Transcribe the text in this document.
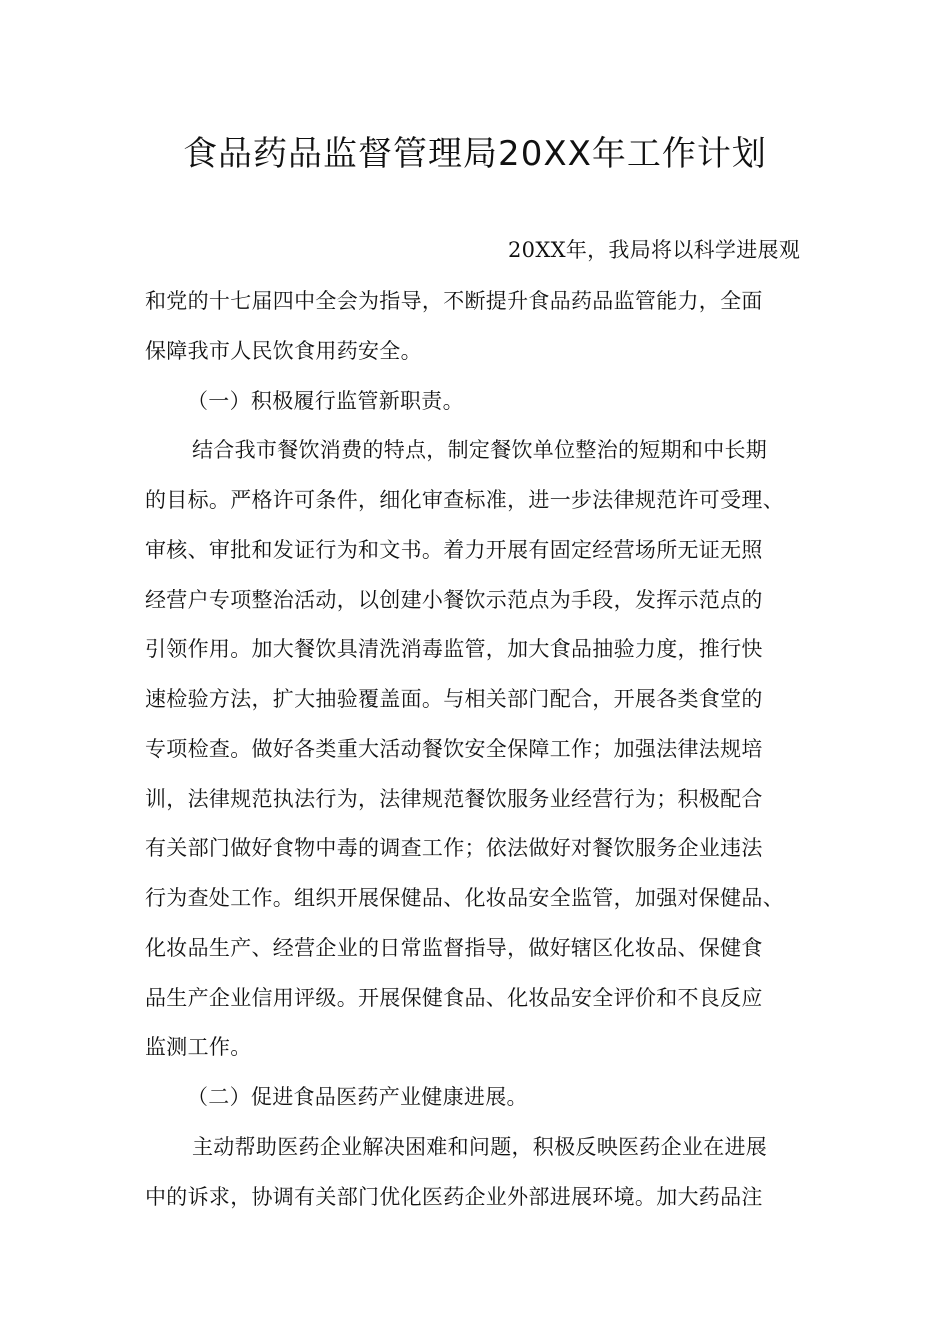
食品药品监督管理局20XX年工作计划
20XX年，我局将以科学进展观
和党的十七届四中全会为指导，不断提升食品药品监管能力，全面
保障我市人民饮食用药安全。
（一）积极履行监管新职责。
结合我市餐饮消费的特点，制定餐饮单位整治的短期和中长期
的目标。严格许可条件，细化审查标准，进一步法律规范许可受理、
审核、审批和发证行为和文书。着力开展有固定经营场所无证无照
经营户专项整治活动，以创建小餐饮示范点为手段，发挥示范点的
引领作用。加大餐饮具清洗消毒监管，加大食品抽验力度，推行快
速检验方法，扩大抽验覆盖面。与相关部门配合，开展各类食堂的
专项检查。做好各类重大活动餐饮安全保障工作；加强法律法规培
训，法律规范执法行为，法律规范餐饮服务业经营行为；积极配合
有关部门做好食物中毒的调查工作；依法做好对餐饮服务企业违法
行为查处工作。组织开展保健品、化妆品安全监管，加强对保健品、
化妆品生产、经营企业的日常监督指导，做好辖区化妆品、保健食
品生产企业信用评级。开展保健食品、化妆品安全评价和不良反应
监测工作。
（二）促进食品医药产业健康进展。
主动帮助医药企业解决困难和问题，积极反映医药企业在进展
中的诉求，协调有关部门优化医药企业外部进展环境。加大药品注
